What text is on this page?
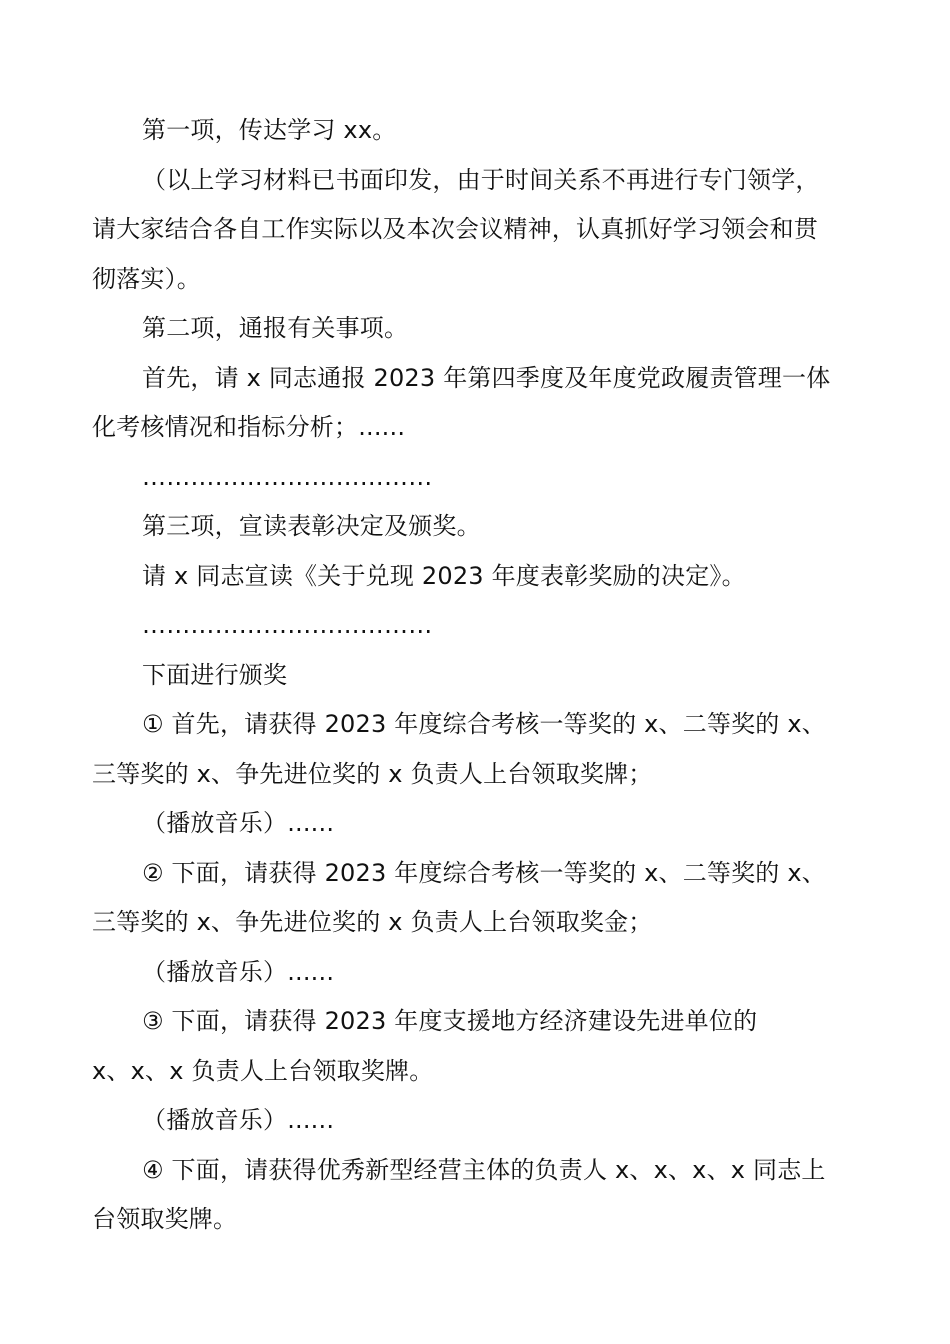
第一项，传达学习 xx。

（以上学习材料已书面印发，由于时间关系不再进行专门领学，
请大家结合各自工作实际以及本次会议精神，认真抓好学习领会和贯
彻落实）。

第二项，通报有关事项。

首先，请 x 同志通报 2023 年第四季度及年度党政履责管理一体
化考核情况和指标分析；......

………………………………

第三项，宣读表彰决定及颁奖。

请 x 同志宣读《关于兑现 2023 年度表彰奖励的决定》。

………………………………

下面进行颁奖

① 首先，请获得 2023 年度综合考核一等奖的 x、二等奖的 x、
三等奖的 x、争先进位奖的 x 负责人上台领取奖牌；

（播放音乐）......

② 下面，请获得 2023 年度综合考核一等奖的 x、二等奖的 x、
三等奖的 x、争先进位奖的 x 负责人上台领取奖金；

（播放音乐）......

③ 下面，请获得 2023 年度支援地方经济建设先进单位的
x、x、x 负责人上台领取奖牌。

（播放音乐）......

④ 下面，请获得优秀新型经营主体的负责人 x、x、x、x 同志上
台领取奖牌。
